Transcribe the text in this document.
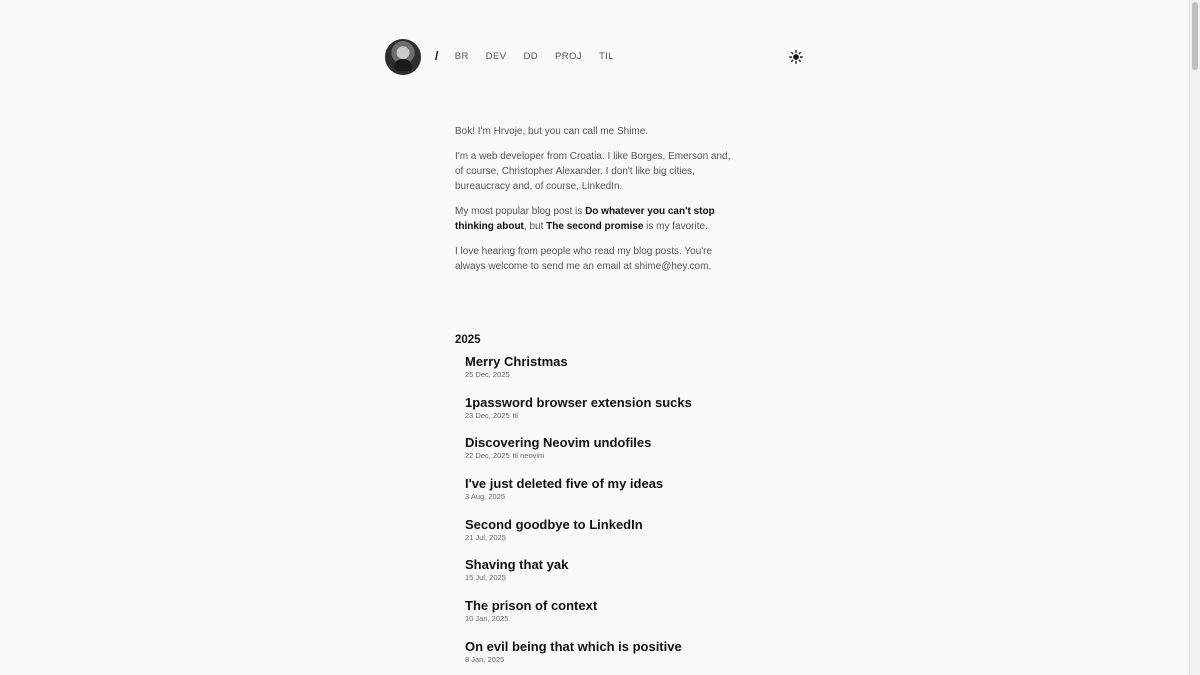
/ BR DEV DD PROJ TIL

Bok! I'm Hrvoje, but you can call me Shime.

I'm a web developer from Croatia. I like Borges, Emerson and, of course, Christopher Alexander. I don't like big cities, bureaucracy and, of course, LinkedIn.

My most popular blog post is Do whatever you can't stop thinking about, but The second promise is my favorite.

I love hearing from people who read my blog posts. You're always welcome to send me an email at shime@hey.com.

2025
Merry Christmas
25 Dec, 2025
1password browser extension sucks
23 Dec, 2025 til
Discovering Neovim undofiles
22 Dec, 2025 til neovim
I've just deleted five of my ideas
3 Aug, 2025
Second goodbye to LinkedIn
21 Jul, 2025
Shaving that yak
15 Jul, 2025
The prison of context
10 Jan, 2025
On evil being that which is positive
8 Jan, 2025
